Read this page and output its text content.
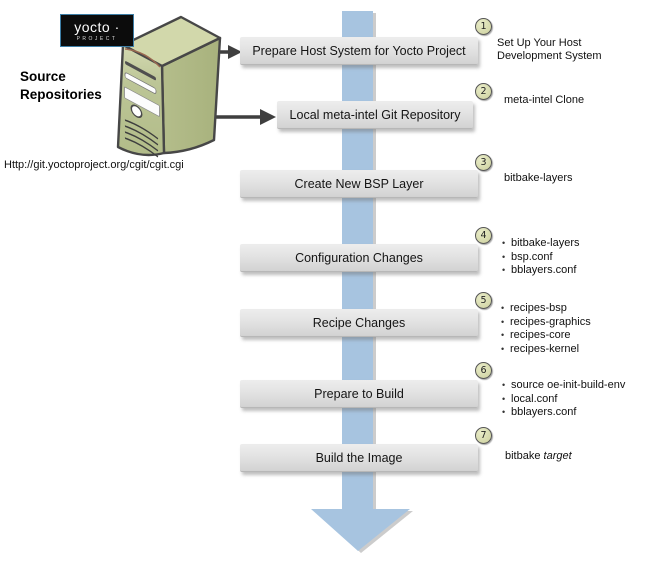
yocto ·
PROJECT
Source
Repositories
Http://git.yoctoproject.org/cgit/cgit.cgi
Prepare Host System for Yocto Project
Local meta-intel Git Repository
Create New BSP Layer
Configuration Changes
Recipe Changes
Prepare to Build
Build the Image
1
2
3
4
5
6
7
Set Up Your Host
Development System
meta-intel Clone
bitbake-layers
• bitbake-layers
• bsp.conf
• bblayers.conf
• recipes-bsp
• recipes-graphics
• recipes-core
• recipes-kernel
• source oe-init-build-env
• local.conf
• bblayers.conf
bitbake target
